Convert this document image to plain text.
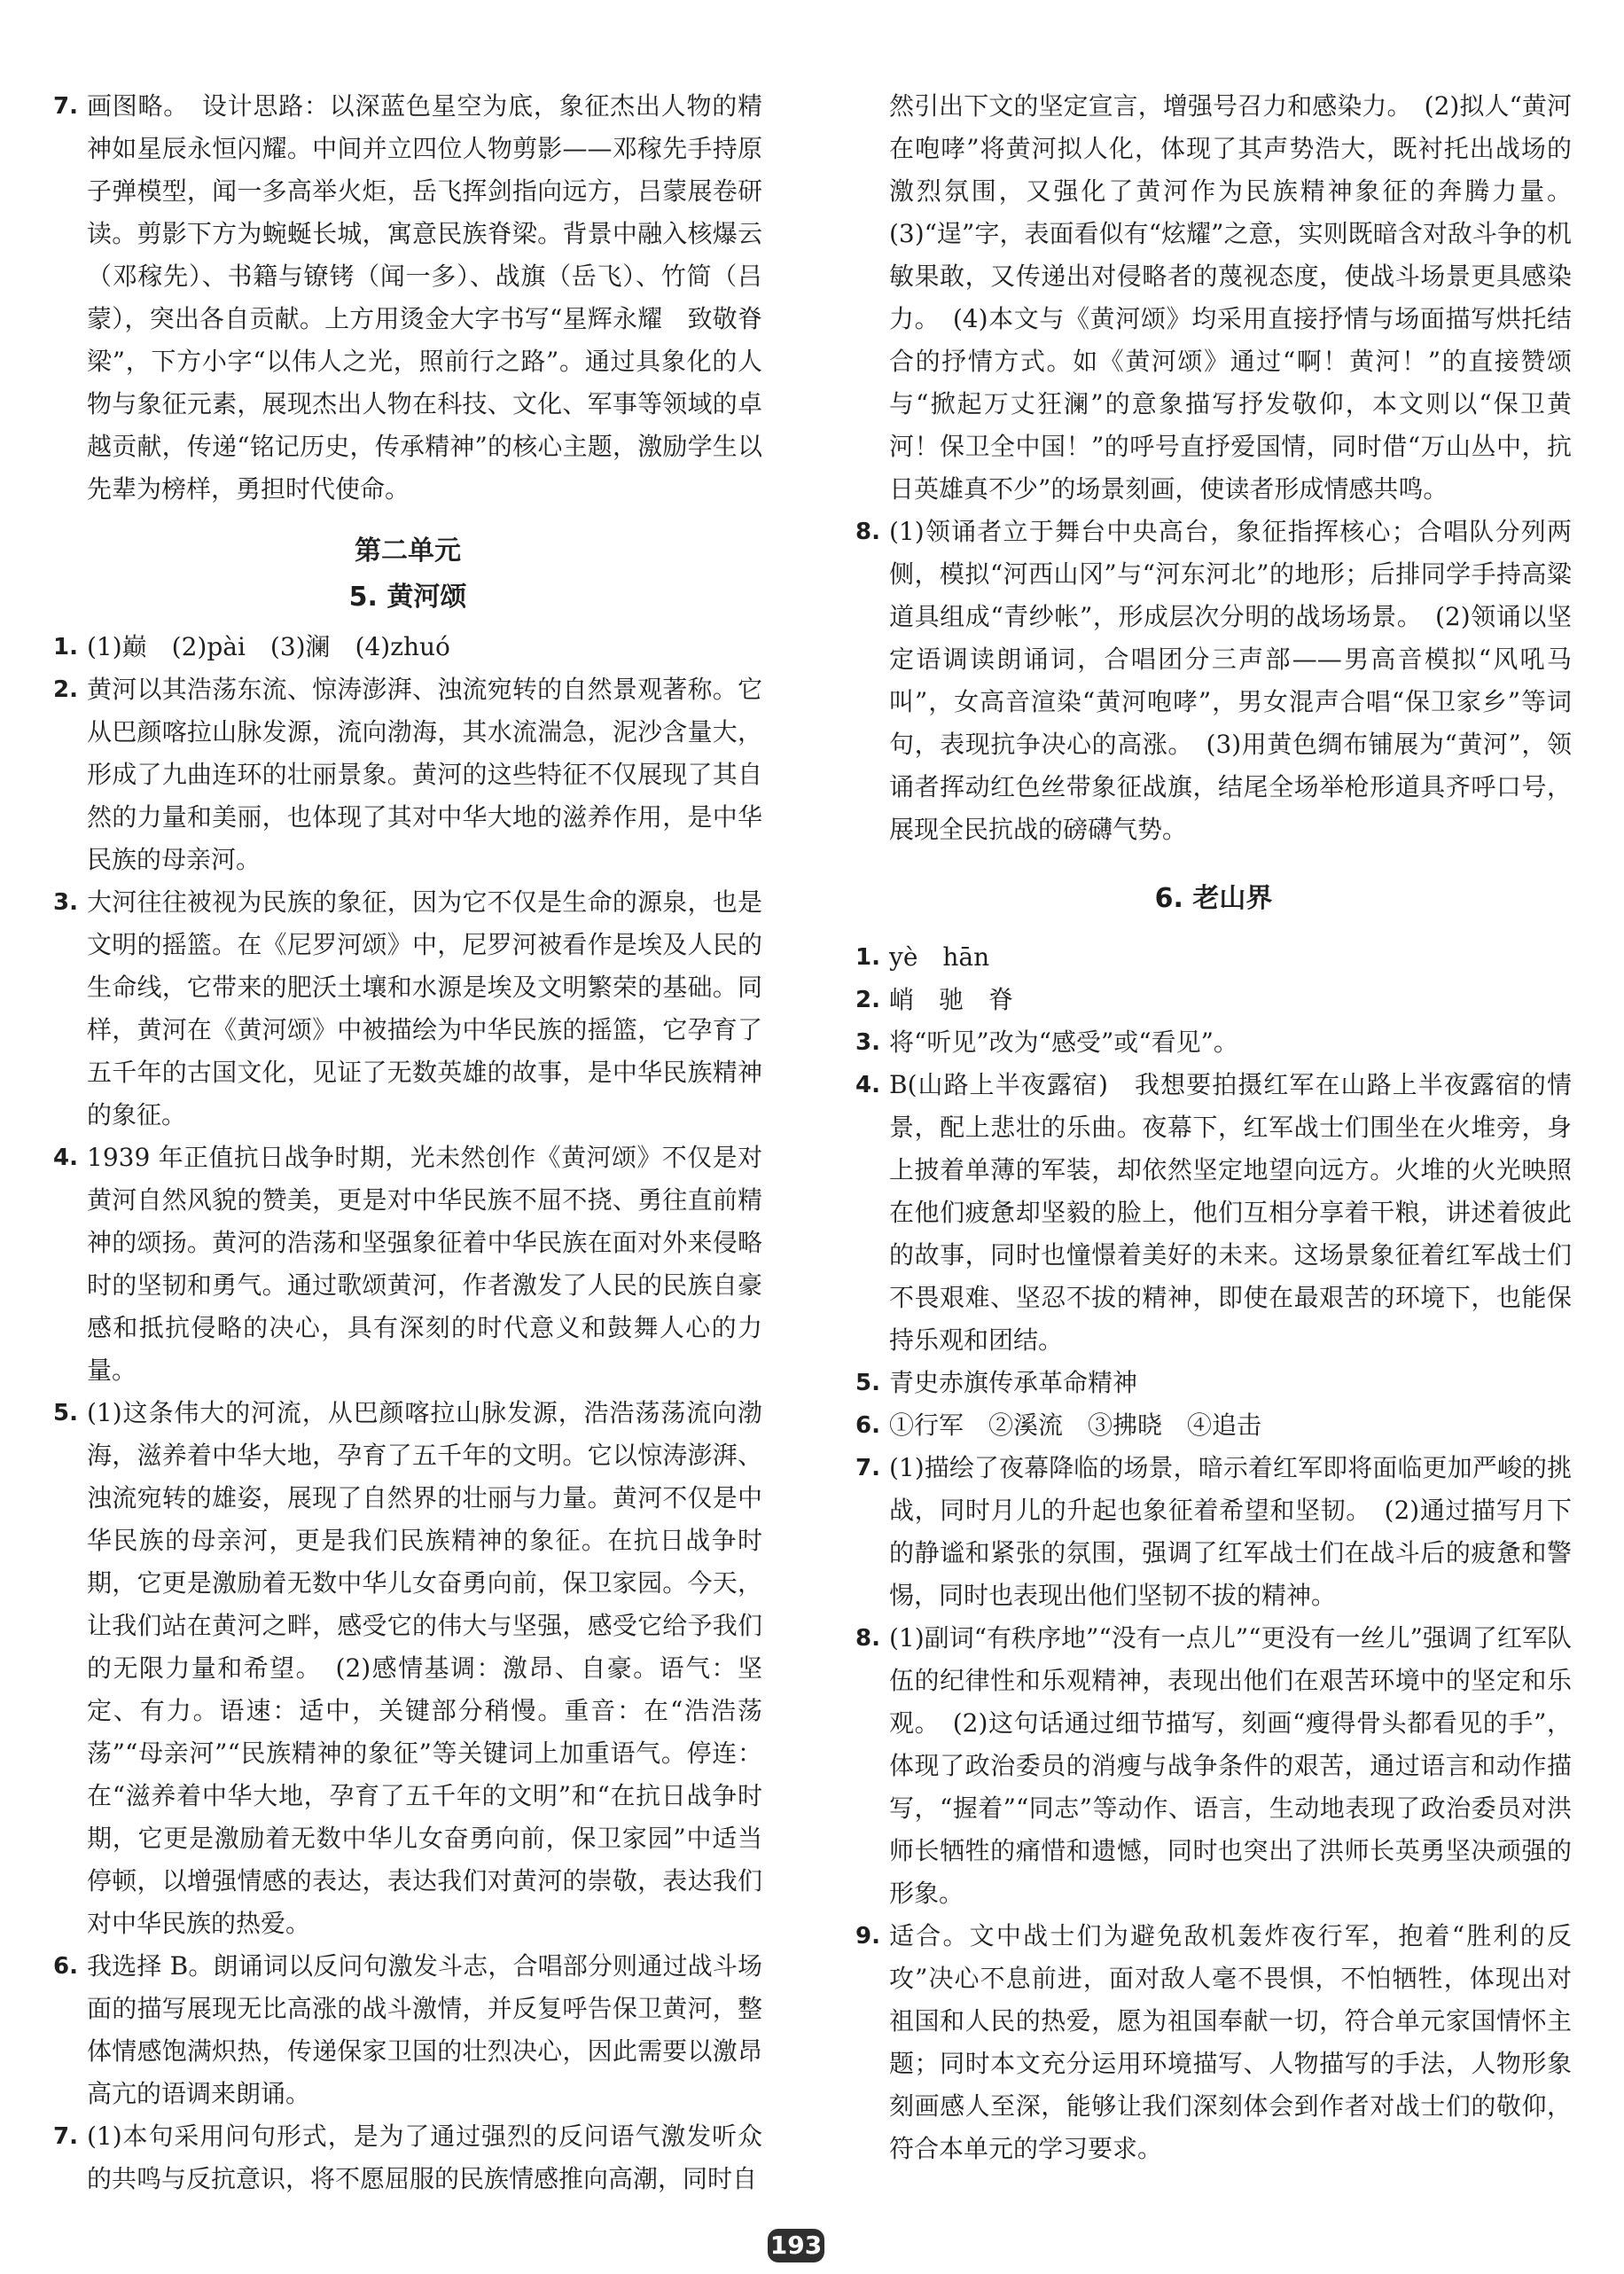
7. 画图略。　设计思路：以深蓝色星空为底，象征杰出人物的精神如星辰永恒闪耀。中间并立四位人物剪影——邓稼先手持原子弹模型，闻一多高举火炬，岳飞挥剑指向远方，吕蒙展卷研读。剪影下方为蜿蜒长城，寓意民族脊梁。背景中融入核爆云（邓稼先）、书籍与镣铐（闻一多）、战旗（岳飞）、竹简（吕蒙），突出各自贡献。上方用烫金大字书写“星辉永耀　致敬脊梁”，下方小字“以伟人之光，照前行之路”。通过具象化的人物与象征元素，展现杰出人物在科技、文化、军事等领域的卓越贡献，传递“铭记历史，传承精神”的核心主题，激励学生以先辈为榜样，勇担时代使命。

第二单元
5. 黄河颂

1. (1)巅　(2)pài　(3)澜　(4)zhuó

2. 黄河以其浩荡东流、惊涛澎湃、浊流宛转的自然景观著称。它从巴颜喀拉山脉发源，流向渤海，其水流湍急，泥沙含量大，形成了九曲连环的壮丽景象。黄河的这些特征不仅展现了其自然的力量和美丽，也体现了其对中华大地的滋养作用，是中华民族的母亲河。

3. 大河往往被视为民族的象征，因为它不仅是生命的源泉，也是文明的摇篮。在《尼罗河颂》中，尼罗河被看作是埃及人民的生命线，它带来的肥沃土壤和水源是埃及文明繁荣的基础。同样，黄河在《黄河颂》中被描绘为中华民族的摇篮，它孕育了五千年的古国文化，见证了无数英雄的故事，是中华民族精神的象征。

4. 1939 年正值抗日战争时期，光未然创作《黄河颂》不仅是对黄河自然风貌的赞美，更是对中华民族不屈不挠、勇往直前精神的颂扬。黄河的浩荡和坚强象征着中华民族在面对外来侵略时的坚韧和勇气。通过歌颂黄河，作者激发了人民的民族自豪感和抵抗侵略的决心，具有深刻的时代意义和鼓舞人心的力量。

5. (1)这条伟大的河流，从巴颜喀拉山脉发源，浩浩荡荡流向渤海，滋养着中华大地，孕育了五千年的文明。它以惊涛澎湃、浊流宛转的雄姿，展现了自然界的壮丽与力量。黄河不仅是中华民族的母亲河，更是我们民族精神的象征。在抗日战争时期，它更是激励着无数中华儿女奋勇向前，保卫家园。今天，让我们站在黄河之畔，感受它的伟大与坚强，感受它给予我们的无限力量和希望。　(2)感情基调：激昂、自豪。语气：坚定、有力。语速：适中，关键部分稍慢。重音：在“浩浩荡荡”“母亲河”“民族精神的象征”等关键词上加重语气。停连：在“滋养着中华大地，孕育了五千年的文明”和“在抗日战争时期，它更是激励着无数中华儿女奋勇向前，保卫家园”中适当停顿，以增强情感的表达，表达我们对黄河的崇敬，表达我们对中华民族的热爱。

6. 我选择 B。朗诵词以反问句激发斗志，合唱部分则通过战斗场面的描写展现无比高涨的战斗激情，并反复呼告保卫黄河，整体情感饱满炽热，传递保家卫国的壮烈决心，因此需要以激昂高亢的语调来朗诵。

7. (1)本句采用问句形式，是为了通过强烈的反问语气激发听众的共鸣与反抗意识，将不愿屈服的民族情感推向高潮，同时自

然引出下文的坚定宣言，增强号召力和感染力。　(2)拟人“黄河在咆哮”将黄河拟人化，体现了其声势浩大，既衬托出战场的激烈氛围，又强化了黄河作为民族精神象征的奔腾力量。(3)“逞”字，表面看似有“炫耀”之意，实则既暗含对敌斗争的机敏果敢，又传递出对侵略者的蔑视态度，使战斗场景更具感染力。　(4)本文与《黄河颂》均采用直接抒情与场面描写烘托结合的抒情方式。如《黄河颂》通过“啊！黄河！”的直接赞颂与“掀起万丈狂澜”的意象描写抒发敬仰，本文则以“保卫黄河！保卫全中国！”的呼号直抒爱国情，同时借“万山丛中，抗日英雄真不少”的场景刻画，使读者形成情感共鸣。

8. (1)领诵者立于舞台中央高台，象征指挥核心；合唱队分列两侧，模拟“河西山冈”与“河东河北”的地形；后排同学手持高粱道具组成“青纱帐”，形成层次分明的战场场景。　(2)领诵以坚定语调读朗诵词，合唱团分三声部——男高音模拟“风吼马叫”，女高音渲染“黄河咆哮”，男女混声合唱“保卫家乡”等词句，表现抗争决心的高涨。　(3)用黄色绸布铺展为“黄河”，领诵者挥动红色丝带象征战旗，结尾全场举枪形道具齐呼口号，展现全民抗战的磅礴气势。

6. 老山界

1. yè　hān

2. 峭　驰　脊

3. 将“听见”改为“感受”或“看见”。

4. B(山路上半夜露宿)　我想要拍摄红军在山路上半夜露宿的情景，配上悲壮的乐曲。夜幕下，红军战士们围坐在火堆旁，身上披着单薄的军装，却依然坚定地望向远方。火堆的火光映照在他们疲惫却坚毅的脸上，他们互相分享着干粮，讲述着彼此的故事，同时也憧憬着美好的未来。这场景象征着红军战士们不畏艰难、坚忍不拔的精神，即使在最艰苦的环境下，也能保持乐观和团结。

5. 青史赤旗传承革命精神

6. ①行军　②溪流　③拂晓　④追击

7. (1)描绘了夜幕降临的场景，暗示着红军即将面临更加严峻的挑战，同时月儿的升起也象征着希望和坚韧。　(2)通过描写月下的静谧和紧张的氛围，强调了红军战士们在战斗后的疲惫和警惕，同时也表现出他们坚韧不拔的精神。

8. (1)副词“有秩序地”“没有一点儿”“更没有一丝儿”强调了红军队伍的纪律性和乐观精神，表现出他们在艰苦环境中的坚定和乐观。　(2)这句话通过细节描写，刻画“瘦得骨头都看见的手”，体现了政治委员的消瘦与战争条件的艰苦，通过语言和动作描写，“握着”“同志”等动作、语言，生动地表现了政治委员对洪师长牺牲的痛惜和遗憾，同时也突出了洪师长英勇坚决顽强的形象。

9. 适合。文中战士们为避免敌机轰炸夜行军，抱着“胜利的反攻”决心不息前进，面对敌人毫不畏惧，不怕牺牲，体现出对祖国和人民的热爱，愿为祖国奉献一切，符合单元家国情怀主题；同时本文充分运用环境描写、人物描写的手法，人物形象刻画感人至深，能够让我们深刻体会到作者对战士们的敬仰，符合本单元的学习要求。

193
